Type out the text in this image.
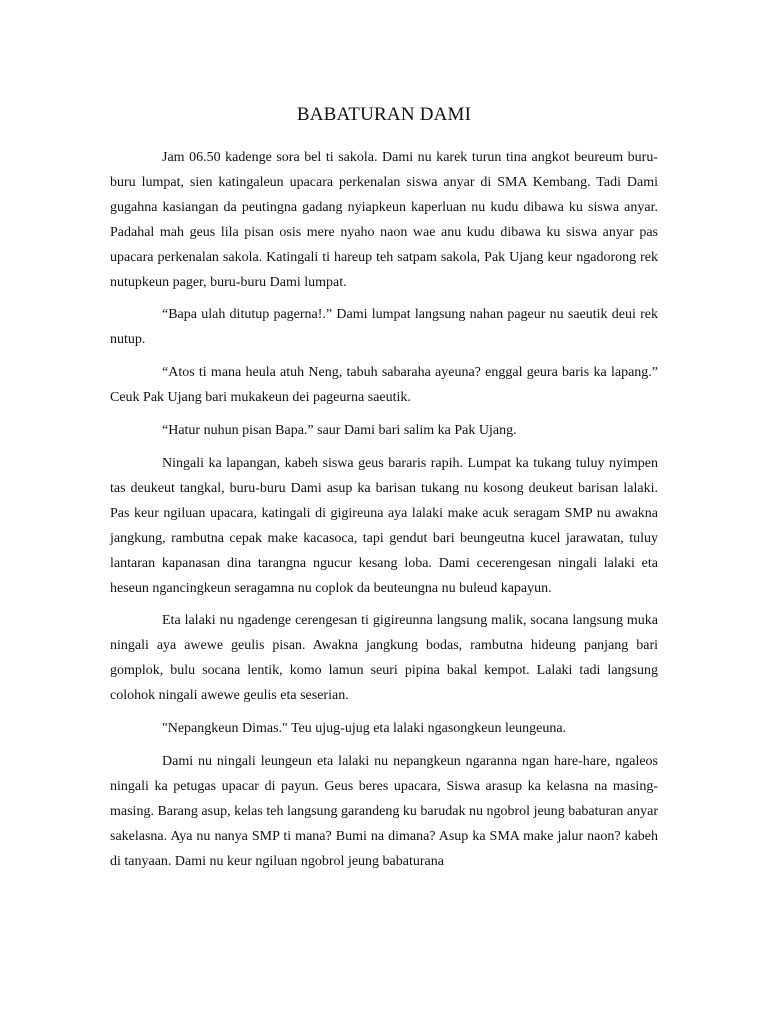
BABATURAN DAMI

Jam 06.50 kadenge sora bel ti sakola. Dami nu karek turun tina angkot beureum buru-buru lumpat, sien katingaleun upacara perkenalan siswa anyar di SMA Kembang. Tadi Dami gugahna kasiangan da peutingna gadang nyiapkeun kaperluan nu kudu dibawa ku siswa anyar. Padahal mah geus lila pisan osis mere nyaho naon wae anu kudu dibawa ku siswa anyar pas upacara perkenalan sakola. Katingali ti hareup teh satpam sakola, Pak Ujang keur ngadorong rek nutupkeun pager, buru-buru Dami lumpat.

“Bapa ulah ditutup pagerna!.” Dami lumpat langsung nahan pageur nu saeutik deui rek nutup.

“Atos ti mana heula atuh Neng, tabuh sabaraha ayeuna? enggal geura baris ka lapang.” Ceuk Pak Ujang bari mukakeun dei pageurna saeutik.

“Hatur nuhun pisan Bapa.” saur Dami bari salim ka Pak Ujang.

Ningali ka lapangan, kabeh siswa geus bararis rapih. Lumpat ka tukang tuluy nyimpen tas deukeut tangkal, buru-buru Dami asup ka barisan tukang nu kosong deukeut barisan lalaki. Pas keur ngiluan upacara, katingali di gigireuna aya lalaki make acuk seragam SMP nu awakna jangkung, rambutna cepak make kacasoca, tapi gendut bari beungeutna kucel jarawatan, tuluy lantaran kapanasan dina tarangna ngucur kesang loba. Dami cecerengesan ningali lalaki eta heseun ngancingkeun seragamna nu coplok da beuteungna nu buleud kapayun.

Eta lalaki nu ngadenge cerengesan ti gigireunna langsung malik, socana langsung muka ningali aya awewe geulis pisan. Awakna jangkung bodas, rambutna hideung panjang bari gomplok, bulu socana lentik, komo lamun seuri pipina bakal kempot. Lalaki tadi langsung colohok ningali awewe geulis eta seserian.

"Nepangkeun Dimas." Teu ujug-ujug eta lalaki ngasongkeun leungeuna.

Dami nu ningali leungeun eta lalaki nu nepangkeun ngaranna ngan hare-hare, ngaleos ningali ka petugas upacar di payun. Geus beres upacara, Siswa arasup ka kelasna na masing-masing. Barang asup, kelas teh langsung garandeng ku barudak nu ngobrol jeung babaturan anyar sakelasna. Aya nu nanya SMP ti mana? Bumi na dimana? Asup ka SMA make jalur naon? kabeh di tanyaan. Dami nu keur ngiluan ngobrol jeung babaturana
